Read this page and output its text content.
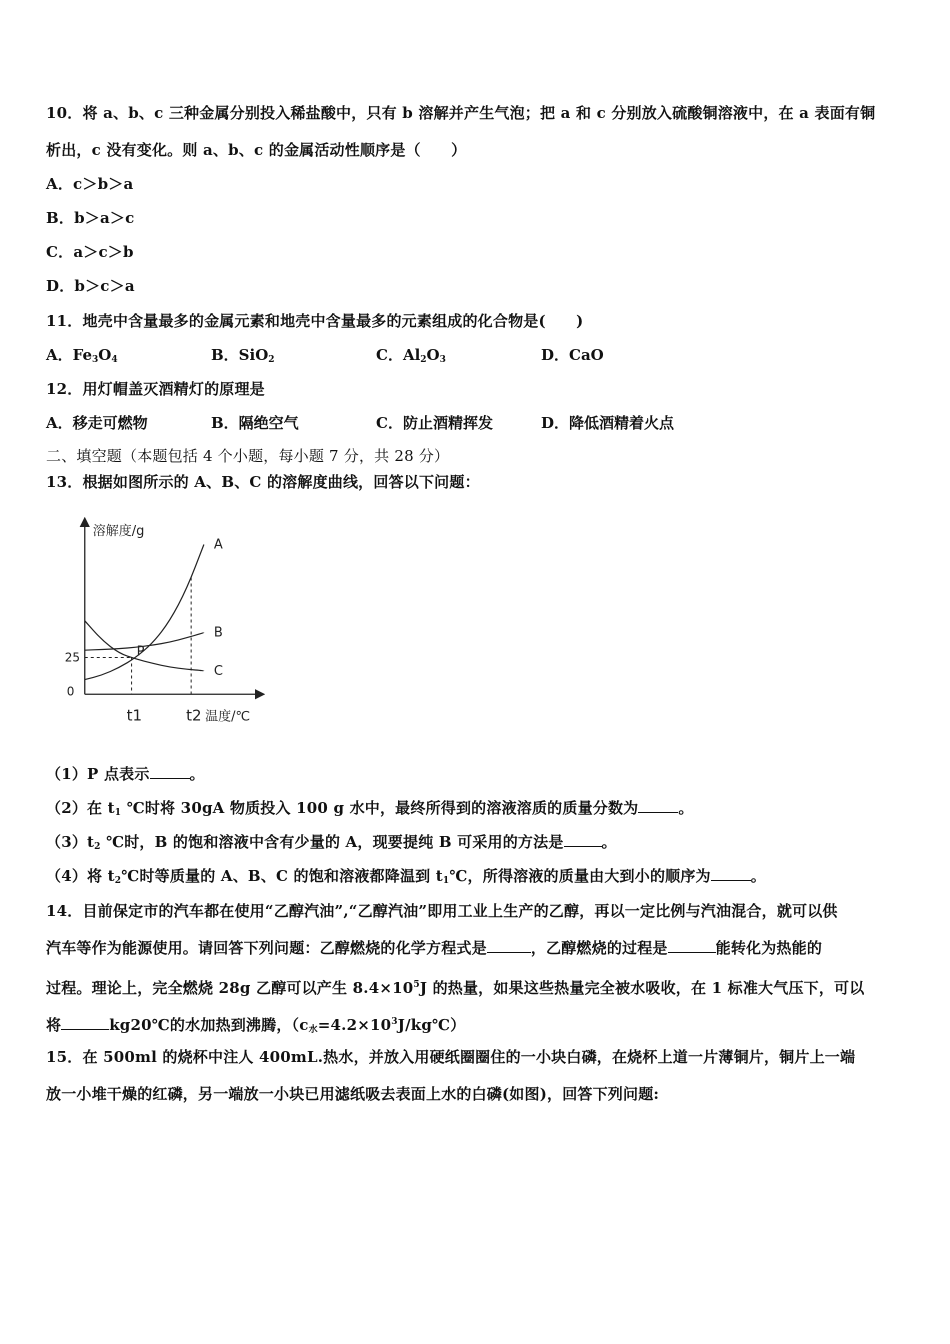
10．将 a、b、c 三种金属分别投入稀盐酸中，只有 b 溶解并产生气泡；把 a 和 c 分别放入硫酸铜溶液中，在 a 表面有铜
析出，c 没有变化。则 a、b、c 的金属活动性顺序是（　　）
A．c＞b＞a
B．b＞a＞c
C．a＞c＞b
D．b＞c＞a
11．地壳中含量最多的金属元素和地壳中含量最多的元素组成的化合物是(　　)
A．$Fe_3O_4$	B．SiO$_2$	C．$Al_2O_3$	D．CaO
12．用灯帽盖灭酒精灯的原理是
A．移走可燃物	B．隔绝空气	C．防止酒精挥发	D．降低酒精着火点
二、填空题（本题包括 4 个小题，每小题 7 分，共 28 分）
13．根据如图所示的 A、B、C 的溶解度曲线，回答以下问题：
A
B
C
P
25
0
t1	t2
溶解度/g
温度/℃
（1）P 点表示	。
（2）在 $t_1$ ℃时将 30gA 物质投入 100 g 水中，最终所得到的溶液溶质的质量分数为	。
$(3)t_2$ ℃时，B 的饱和溶液中含有少量的 A，现要提纯 B 可采用的方法是	。
（4）将 $t_2℃$时等质量的 A、B、C 的饱和溶液都降温到 $t_1℃$，所得溶液的质量由大到小的顺序为	。
14．目前保定市的汽车都在使用“乙醇汽油”,“乙醇汽油”即用工业上生产的乙醇，再以一定比例与汽油混合，就可以供
汽车等作为能源使用。请回答下列问题：乙醇燃烧的化学方程式是	，乙醇燃烧的过程是	能转化为热能的
过程。理论上，完全燃烧 28g 乙醇可以产生 $8.4\times 10^5J$ 的热量，如果这些热量完全被水吸收，在 1 标准大气压下，可以
将	kg20℃的水加热到沸腾，$(c_水=4.2\times 10^3J/kg℃)$
15．在 500ml 的烧杯中注人 400mL.热水，并放入用硬纸圈圈住的一小块白磷，在烧杯上道一片薄铜片，铜片上一端
放一小堆干燥的红磷，另一端放一小块已用滤纸吸去表面上水的白磷(如图)，回答下列问题:
